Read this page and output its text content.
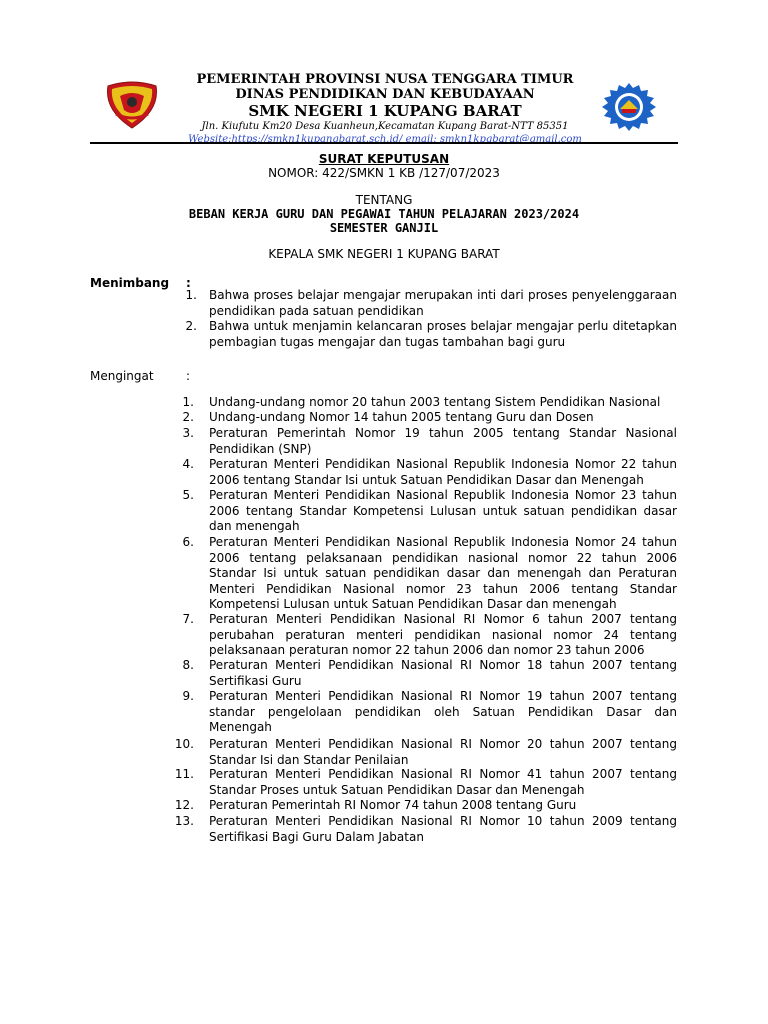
PEMERINTAH PROVINSI NUSA TENGGARA TIMUR
DINAS PENDIDIKAN DAN KEBUDAYAAN
SMK NEGERI 1 KUPANG BARAT
Jln. Kiufutu Km20 Desa Kuanheun,Kecamatan Kupang Barat-NTT 85351
Website:https://smkn1kupangbarat.sch.id/ email: smkn1kpgbarat@gmail.com
SURAT KEPUTUSAN
NOMOR: 422/SMKN 1 KB /127/07/2023
TENTANG
BEBAN KERJA GURU DAN PEGAWAI TAHUN PELAJARAN 2023/2024
SEMESTER GANJIL
KEPALA SMK NEGERI 1 KUPANG BARAT
Menimbang :
1. Bahwa proses belajar mengajar merupakan inti dari proses penyelenggaraan pendidikan pada satuan pendidikan
2. Bahwa untuk menjamin kelancaran proses belajar mengajar perlu ditetapkan pembagian tugas mengajar dan tugas tambahan bagi guru
Mengingat	:
1. Undang-undang nomor 20 tahun 2003 tentang Sistem Pendidikan Nasional
2. Undang-undang Nomor 14 tahun 2005 tentang Guru dan Dosen
3. Peraturan Pemerintah Nomor 19 tahun 2005 tentang Standar Nasional Pendidikan (SNP)
4. Peraturan Menteri Pendidikan Nasional Republik Indonesia Nomor 22 tahun 2006 tentang Standar Isi untuk Satuan Pendidikan Dasar dan Menengah
5. Peraturan Menteri Pendidikan Nasional Republik Indonesia Nomor 23 tahun 2006 tentang Standar Kompetensi Lulusan untuk satuan pendidikan dasar dan menengah
6. Peraturan Menteri Pendidikan Nasional Republik Indonesia Nomor 24 tahun 2006 tentang pelaksanaan pendidikan nasional nomor 22 tahun 2006 Standar Isi untuk satuan pendidikan dasar dan menengah dan Peraturan Menteri Pendidikan Nasional nomor 23 tahun 2006 tentang Standar Kompetensi Lulusan untuk Satuan Pendidikan Dasar dan menengah
7. Peraturan Menteri Pendidikan Nasional RI Nomor 6 tahun 2007 tentang perubahan peraturan menteri pendidikan nasional nomor 24 tentang pelaksanaan peraturan nomor 22 tahun 2006 dan nomor 23 tahun 2006
8. Peraturan Menteri Pendidikan Nasional RI Nomor 18 tahun 2007 tentang Sertifikasi Guru
9. Peraturan Menteri Pendidikan Nasional RI Nomor 19 tahun 2007 tentang standar pengelolaan pendidikan oleh Satuan Pendidikan Dasar dan Menengah
10. Peraturan Menteri Pendidikan Nasional RI Nomor 20 tahun 2007 tentang Standar Isi dan Standar Penilaian
11. Peraturan Menteri Pendidikan Nasional RI Nomor 41 tahun 2007 tentang Standar Proses untuk Satuan Pendidikan Dasar dan Menengah
12. Peraturan Pemerintah RI Nomor 74 tahun 2008 tentang Guru
13. Peraturan Menteri Pendidikan Nasional RI Nomor 10 tahun 2009 tentang Sertifikasi Bagi Guru Dalam Jabatan
